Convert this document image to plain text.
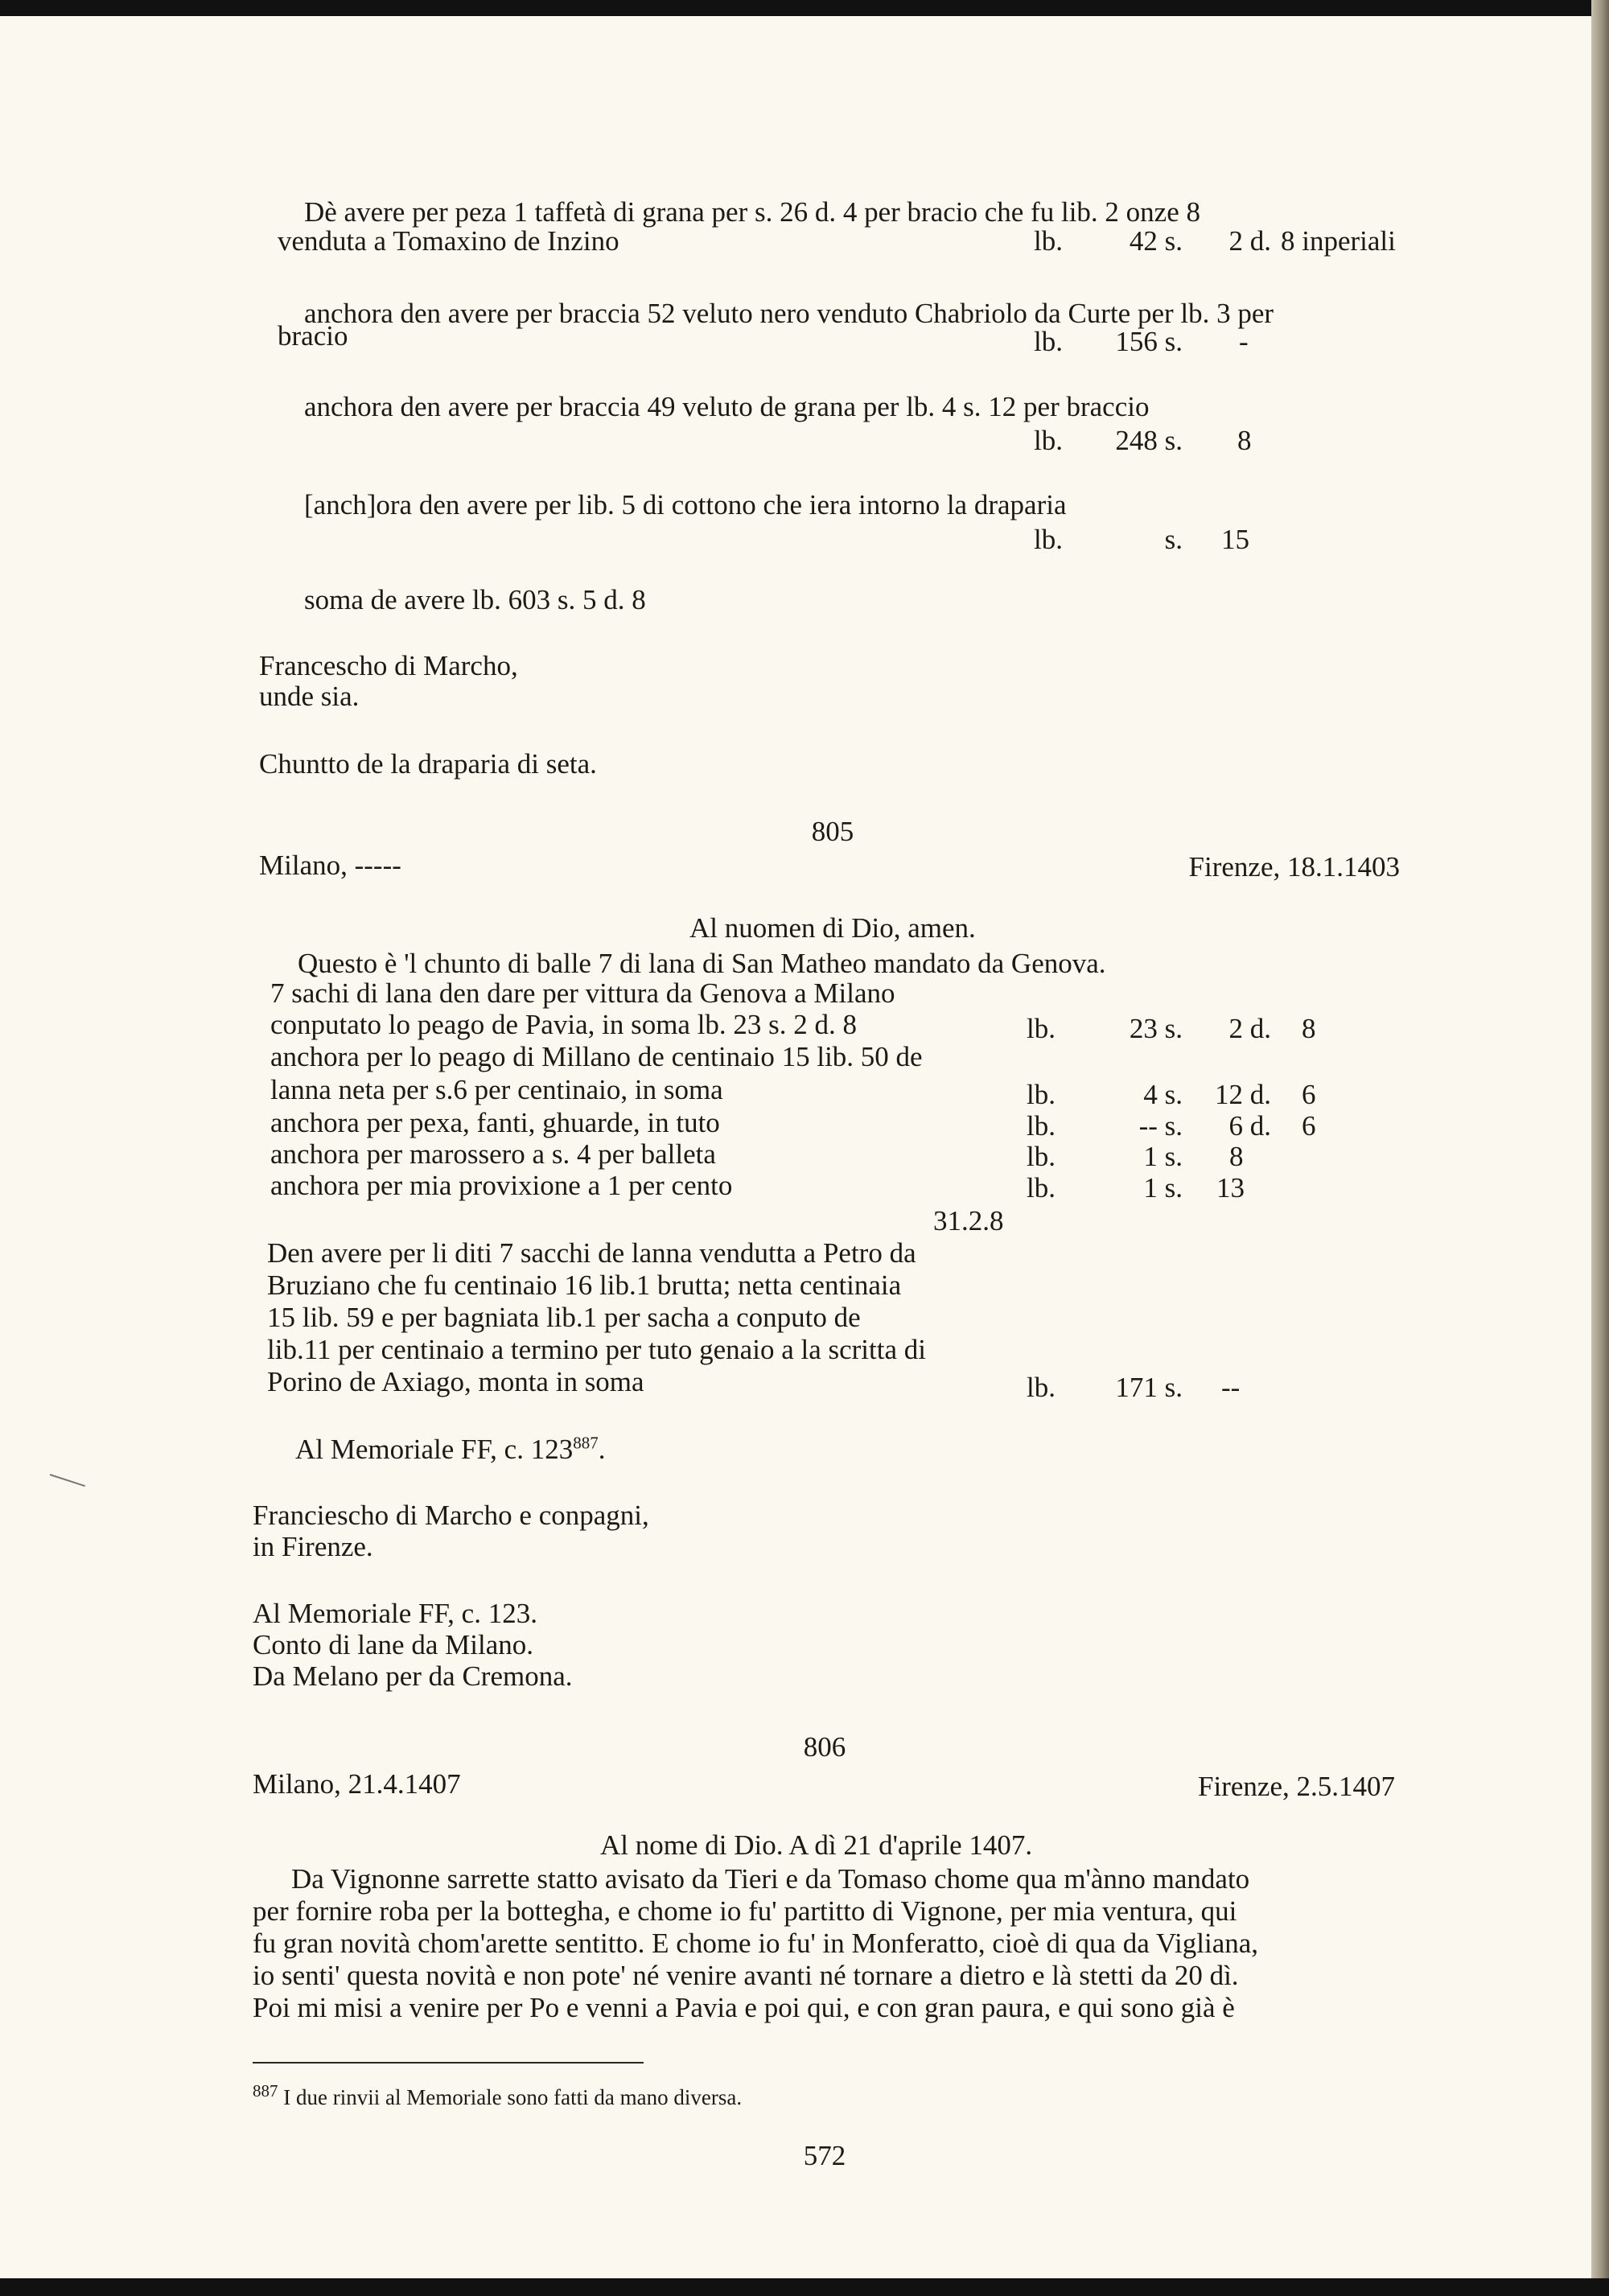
Dè avere per peza 1 taffetà di grana per s. 26 d. 4 per bracio che fu lib. 2 onze 8
venduta a Tomaxino de Inzino	lb.	42 s.	2 d. 8 inperiali
anchora den avere per braccia 52 veluto nero venduto Chabriolo da Curte per lb. 3 per
bracio	lb.	156 s. -
anchora den avere per braccia 49 veluto de grana per lb. 4 s. 12 per braccio
lb.	248 s. 8
[anch]ora den avere per lib. 5 di cottono che iera intorno la draparia
lb.	s. 15
soma de avere lb. 603 s. 5 d. 8
Francescho di Marcho,
unde sia.
Chuntto de la draparia di seta.
805
Milano, -----	Firenze, 18.1.1403
Al nuomen di Dio, amen.
Questo è 'l chunto di balle 7 di lana di San Matheo mandato da Genova.
7 sachi di lana den dare per vittura da Genova a Milano
conputato lo peago de Pavia, in soma lb. 23 s. 2 d. 8	lb.	23 s.	2 d. 8
anchora per lo peago di Millano de centinaio 15 lib. 50 de
lanna neta per s.6 per centinaio, in soma	lb.	4 s. 12 d. 6
anchora per pexa, fanti, ghuarde, in tuto	lb.	-- s.	6 d. 6
anchora per marossero a s. 4 per balleta	lb.	1 s. 8
anchora per mia provixione a 1 per cento	lb.	1 s. 13
31.2.8
Den avere per li diti 7 sacchi de lanna vendutta a Petro da
Bruziano che fu centinaio 16 lib.1 brutta; netta centinaia
15 lib. 59 e per bagniata lib.1 per sacha a conputo de
lib.11 per centinaio a termino per tuto genaio a la scritta di
Porino de Axiago, monta in soma	lb.	171 s. --
Al Memoriale FF, c. $123^{887}$.
Franciescho di Marcho e conpagni,
in Firenze.
Al Memoriale FF, c. 123.
Conto di lane da Milano.
Da Melano per da Cremona.
806
Milano, 21.4.1407	Firenze, 2.5.1407
Al nome di Dio. A dì 21 d'aprile 1407.
Da Vignonne sarrette statto avisato da Tieri e da Tomaso chome qua m'ànno mandato
per fornire roba per la bottegha, e chome io fu' partitto di Vignone, per mia ventura, qui
fu gran novità chom'arette sentitto. E chome io fu' in Monferatto, cioè di qua da Vigliana,
io senti' questa novità e non pote' né venire avanti né tornare a dietro e là stetti da 20 dì.
Poi mi misi a venire per Po e venni a Pavia e poi qui, e con gran paura, e qui sono già è
$^{887}$ I due rinvii al Memoriale sono fatti da mano diversa.
572
